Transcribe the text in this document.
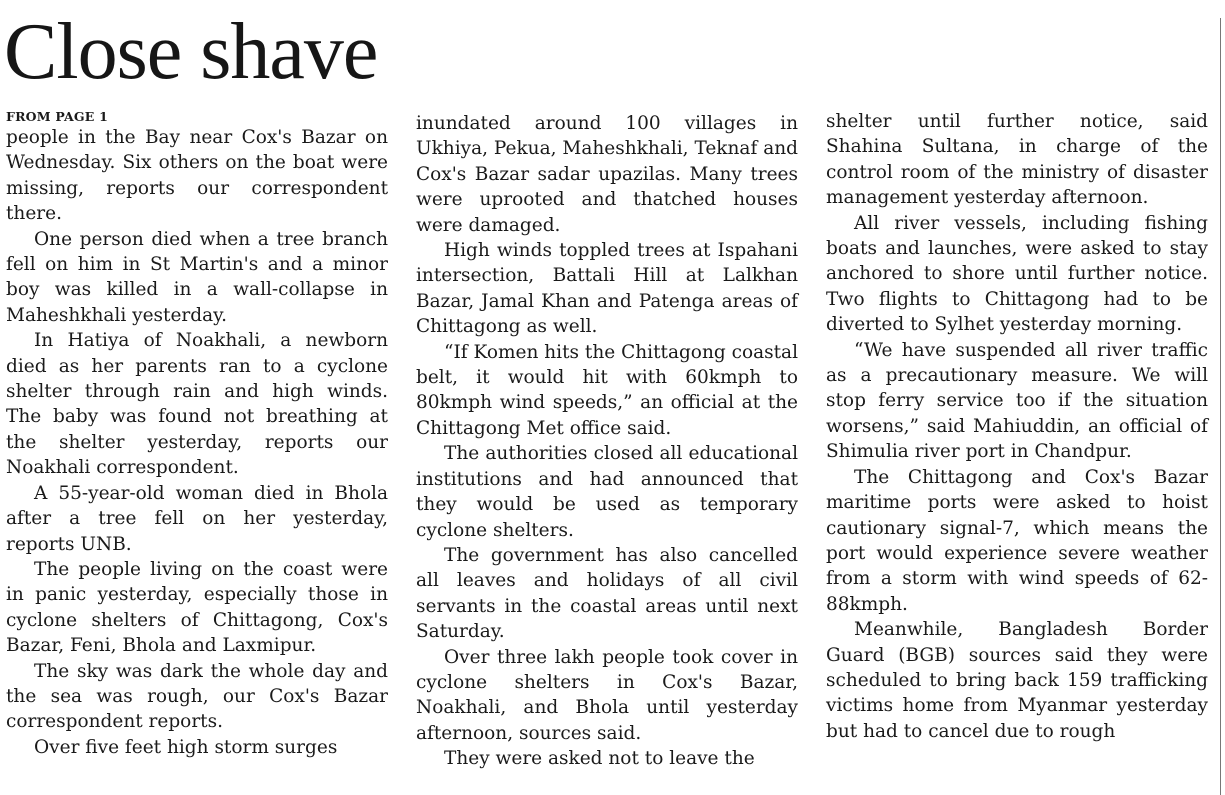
Close shave

FROM PAGE 1

people in the Bay near Cox's Bazar on Wednesday. Six others on the boat were missing, reports our correspondent there.

One person died when a tree branch fell on him in St Martin's and a minor boy was killed in a wall-collapse in Maheshkhali yesterday.

In Hatiya of Noakhali, a newborn died as her parents ran to a cyclone shelter through rain and high winds. The baby was found not breathing at the shelter yesterday, reports our Noakhali correspondent.

A 55-year-old woman died in Bhola after a tree fell on her yesterday, reports UNB.

The people living on the coast were in panic yesterday, especially those in cyclone shelters of Chittagong, Cox's Bazar, Feni, Bhola and Laxmipur.

The sky was dark the whole day and the sea was rough, our Cox's Bazar correspondent reports.

Over five feet high storm surges

inundated around 100 villages in Ukhiya, Pekua, Maheshkhali, Teknaf and Cox's Bazar sadar upazilas. Many trees were uprooted and thatched houses were damaged.

High winds toppled trees at Ispahani intersection, Battali Hill at Lalkhan Bazar, Jamal Khan and Patenga areas of Chittagong as well.

“If Komen hits the Chittagong coastal belt, it would hit with 60kmph to 80kmph wind speeds,” an official at the Chittagong Met office said.

The authorities closed all educational institutions and had announced that they would be used as temporary cyclone shelters.

The government has also cancelled all leaves and holidays of all civil servants in the coastal areas until next Saturday.

Over three lakh people took cover in cyclone shelters in Cox's Bazar, Noakhali, and Bhola until yesterday afternoon, sources said.

They were asked not to leave the

shelter until further notice, said Shahina Sultana, in charge of the control room of the ministry of disaster management yesterday afternoon.

All river vessels, including fishing boats and launches, were asked to stay anchored to shore until further notice. Two flights to Chittagong had to be diverted to Sylhet yesterday morning.

“We have suspended all river traffic as a precautionary measure. We will stop ferry service too if the situation worsens,” said Mahiuddin, an official of Shimulia river port in Chandpur.

The Chittagong and Cox's Bazar maritime ports were asked to hoist cautionary signal-7, which means the port would experience severe weather from a storm with wind speeds of 62-88kmph.

Meanwhile, Bangladesh Border Guard (BGB) sources said they were scheduled to bring back 159 trafficking victims home from Myanmar yesterday but had to cancel due to rough
